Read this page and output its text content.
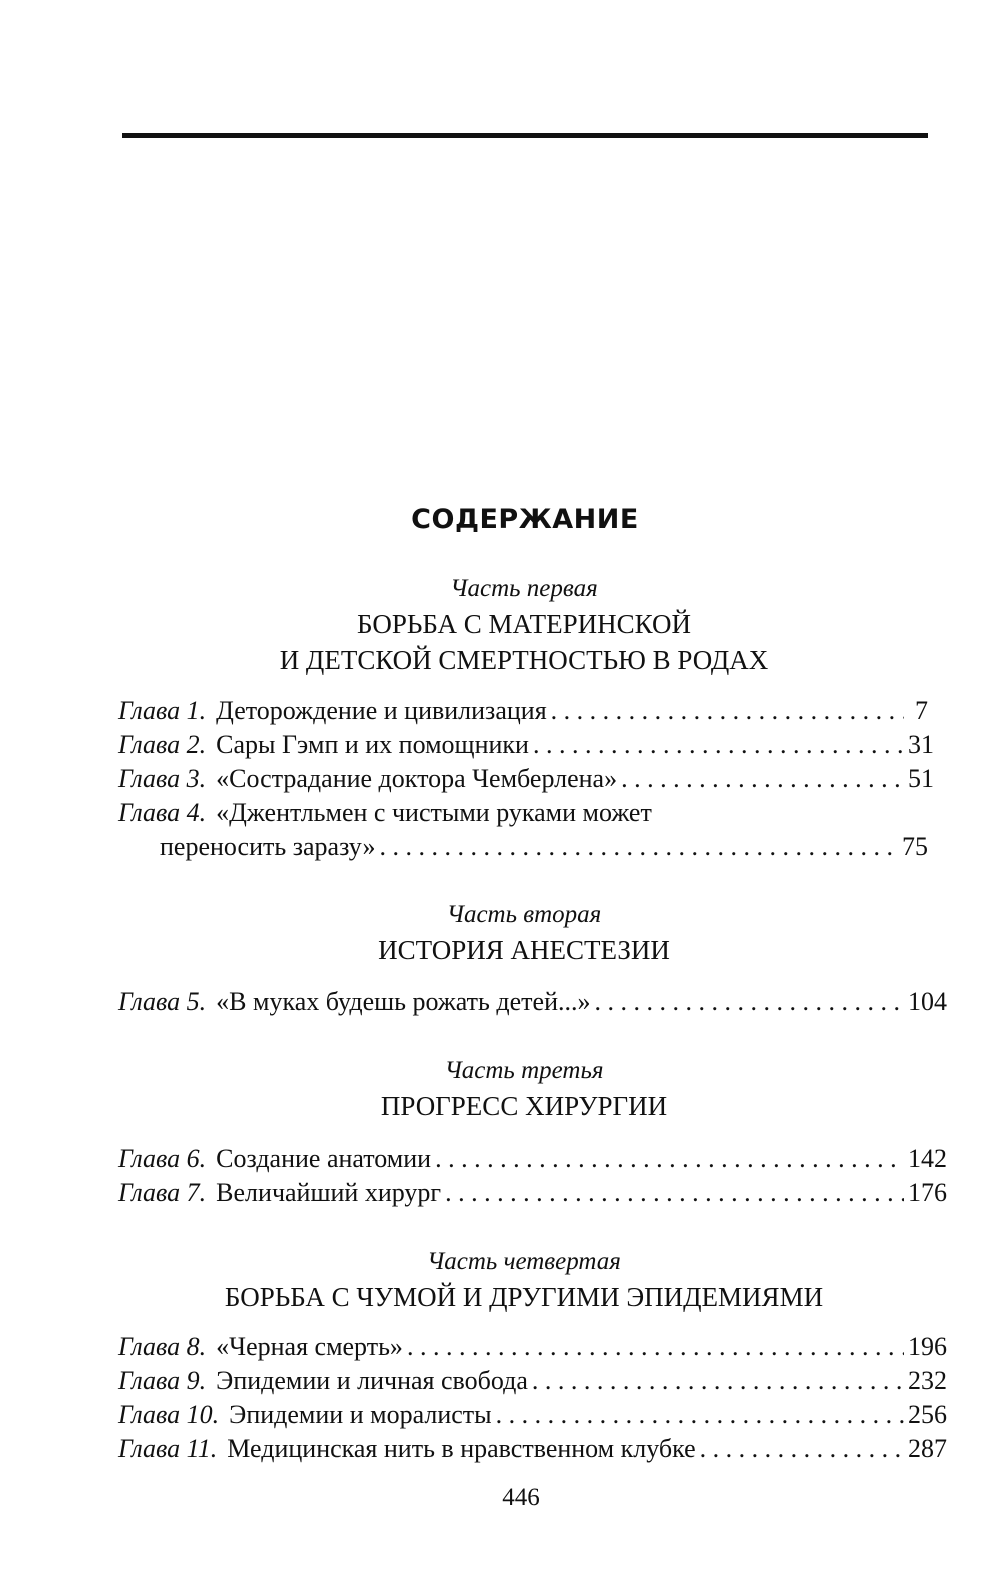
СОДЕРЖАНИЕ
Часть первая
БОРЬБА С МАТЕРИНСКОЙ
И ДЕТСКОЙ СМЕРТНОСТЬЮ В РОДАХ
Глава 1. Деторождение и цивилизация . . .	7
Глава 2. Сары Гэмп и их помощники . . .	31
Глава 3. «Сострадание доктора Чемберлена» . . .	51
Глава 4. «Джентльмен с чистыми руками может
переносить заразу» . . .	75
Часть вторая
ИСТОРИЯ АНЕСТЕЗИИ
Глава 5. «В муках будешь рожать детей...» . . .	104
Часть третья
ПРОГРЕСС ХИРУРГИИ
Глава 6. Создание анатомии . . .	142
Глава 7. Величайший хирург . . .	176
Часть четвертая
БОРЬБА С ЧУМОЙ И ДРУГИМИ ЭПИДЕМИЯМИ
Глава 8. «Черная смерть» . . .	196
Глава 9. Эпидемии и личная свобода . . .	232
Глава 10. Эпидемии и моралисты . . .	256
Глава 11. Медицинская нить в нравственном клубке . . .	287
446
